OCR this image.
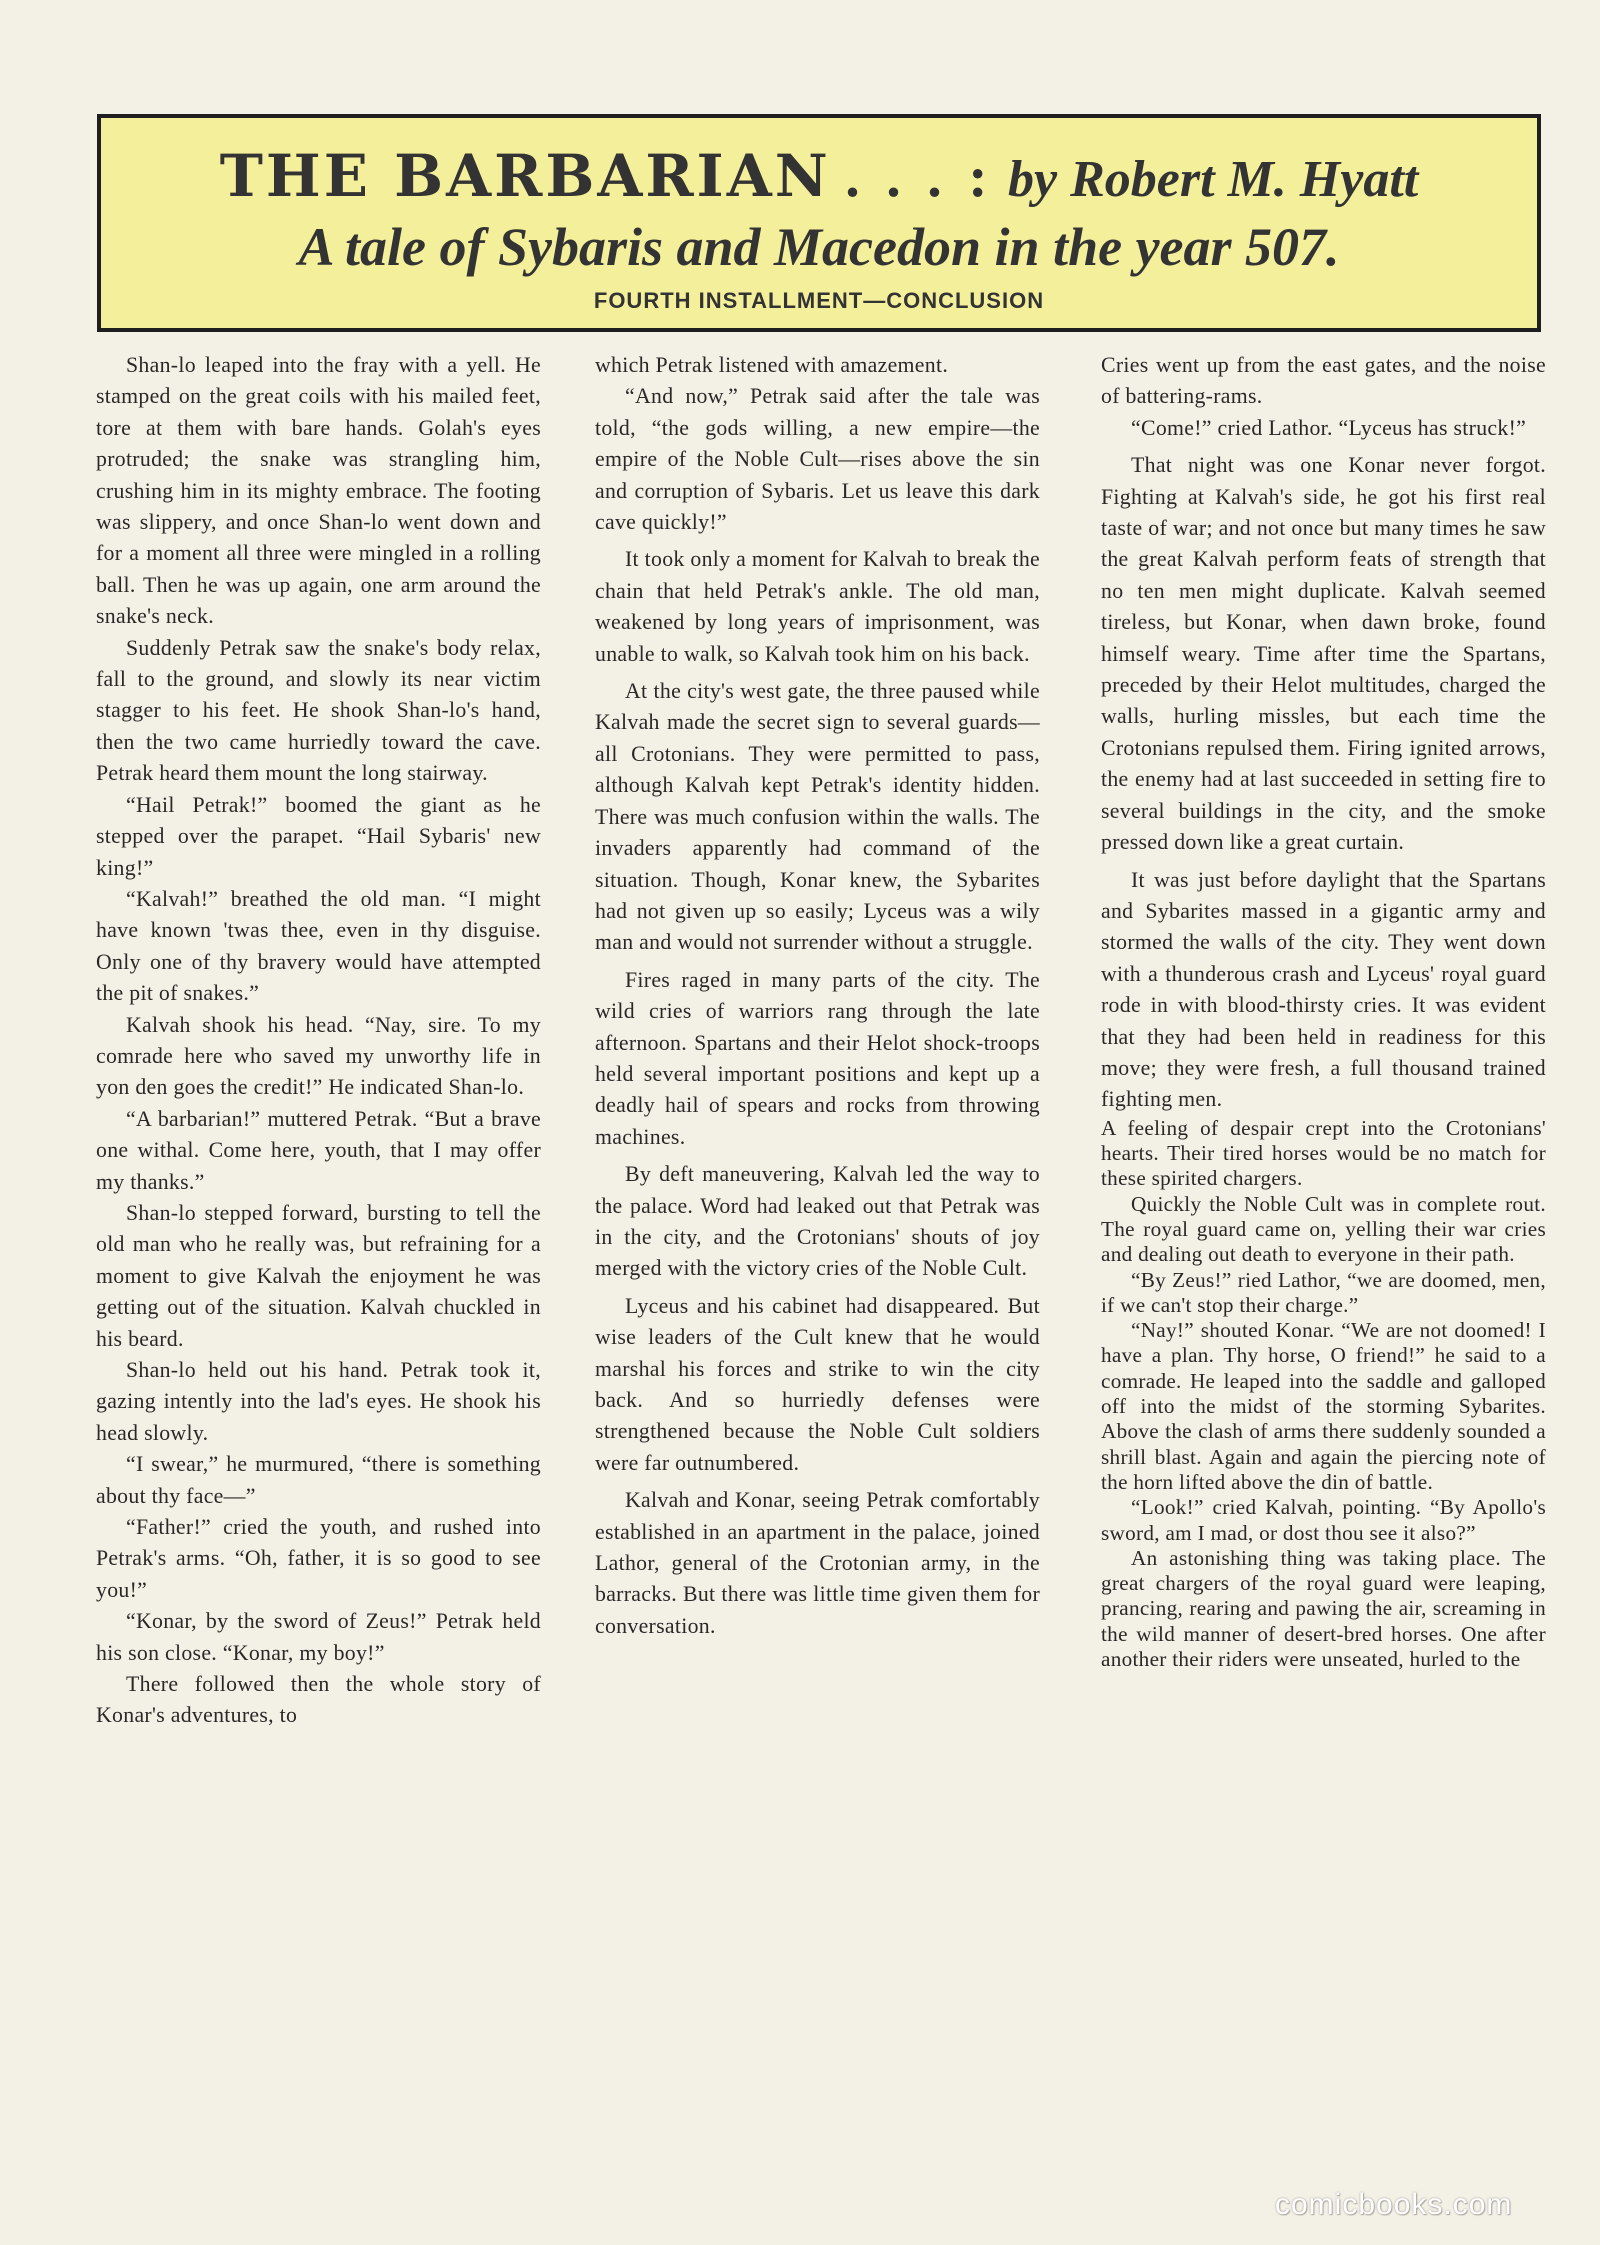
THE BARBARIAN . . . : by Robert M. Hyatt
A tale of Sybaris and Macedon in the year 507.
FOURTH INSTALLMENT—CONCLUSION

Shan-lo leaped into the fray with a yell. He stamped on the great coils with his mailed feet, tore at them with bare hands. Golah's eyes protruded; the snake was strangling him, crushing him in its mighty embrace. The footing was slippery, and once Shan-lo went down and for a moment all three were mingled in a rolling ball. Then he was up again, one arm around the snake's neck.

Suddenly Petrak saw the snake's body relax, fall to the ground, and slowly its near victim stagger to his feet. He shook Shan-lo's hand, then the two came hurriedly toward the cave. Petrak heard them mount the long stairway.

“Hail Petrak!” boomed the giant as he stepped over the parapet. “Hail Sybaris' new king!”

“Kalvah!” breathed the old man. “I might have known 'twas thee, even in thy disguise. Only one of thy bravery would have attempted the pit of snakes.”

Kalvah shook his head. “Nay, sire. To my comrade here who saved my unworthy life in yon den goes the credit!” He indicated Shan-lo.

“A barbarian!” muttered Petrak. “But a brave one withal. Come here, youth, that I may offer my thanks.”

Shan-lo stepped forward, bursting to tell the old man who he really was, but refraining for a moment to give Kalvah the enjoyment he was getting out of the situation. Kalvah chuckled in his beard.

Shan-lo held out his hand. Petrak took it, gazing intently into the lad's eyes. He shook his head slowly.

“I swear,” he murmured, “there is something about thy face—”

“Father!” cried the youth, and rushed into Petrak's arms. “Oh, father, it is so good to see you!”

“Konar, by the sword of Zeus!” Petrak held his son close. “Konar, my boy!”

There followed then the whole story of Konar's adventures, to

which Petrak listened with amazement.

“And now,” Petrak said after the tale was told, “the gods willing, a new empire—the empire of the Noble Cult—rises above the sin and corruption of Sybaris. Let us leave this dark cave quickly!”

It took only a moment for Kalvah to break the chain that held Petrak's ankle. The old man, weakened by long years of imprisonment, was unable to walk, so Kalvah took him on his back.

At the city's west gate, the three paused while Kalvah made the secret sign to several guards—all Crotonians. They were permitted to pass, although Kalvah kept Petrak's identity hidden. There was much confusion within the walls. The invaders apparently had command of the situation. Though, Konar knew, the Sybarites had not given up so easily; Lyceus was a wily man and would not surrender without a struggle.

Fires raged in many parts of the city. The wild cries of warriors rang through the late afternoon. Spartans and their Helot shock-troops held several important positions and kept up a deadly hail of spears and rocks from throwing machines.

By deft maneuvering, Kalvah led the way to the palace. Word had leaked out that Petrak was in the city, and the Crotonians' shouts of joy merged with the victory cries of the Noble Cult.

Lyceus and his cabinet had disappeared. But wise leaders of the Cult knew that he would marshal his forces and strike to win the city back. And so hurriedly defenses were strengthened because the Noble Cult soldiers were far outnumbered.

Kalvah and Konar, seeing Petrak comfortably established in an apartment in the palace, joined Lathor, general of the Crotonian army, in the barracks. But there was little time given them for conversation.

Cries went up from the east gates, and the noise of battering-rams.

“Come!” cried Lathor. “Lyceus has struck!”

That night was one Konar never forgot. Fighting at Kalvah's side, he got his first real taste of war; and not once but many times he saw the great Kalvah perform feats of strength that no ten men might duplicate. Kalvah seemed tireless, but Konar, when dawn broke, found himself weary. Time after time the Spartans, preceded by their Helot multitudes, charged the walls, hurling missles, but each time the Crotonians repulsed them. Firing ignited arrows, the enemy had at last succeeded in setting fire to several buildings in the city, and the smoke pressed down like a great curtain.

It was just before daylight that the Spartans and Sybarites massed in a gigantic army and stormed the walls of the city. They went down with a thunderous crash and Lyceus' royal guard rode in with blood-thirsty cries. It was evident that they had been held in readiness for this move; they were fresh, a full thousand trained fighting men.

A feeling of despair crept into the Crotonians' hearts. Their tired horses would be no match for these spirited chargers.

Quickly the Noble Cult was in complete rout. The royal guard came on, yelling their war cries and dealing out death to everyone in their path.

“By Zeus!” ried Lathor, “we are doomed, men, if we can't stop their charge.”

“Nay!” shouted Konar. “We are not doomed! I have a plan. Thy horse, O friend!” he said to a comrade. He leaped into the saddle and galloped off into the midst of the storming Sybarites. Above the clash of arms there suddenly sounded a shrill blast. Again and again the piercing note of the horn lifted above the din of battle.

“Look!” cried Kalvah, pointing. “By Apollo's sword, am I mad, or dost thou see it also?”

An astonishing thing was taking place. The great chargers of the royal guard were leaping, prancing, rearing and pawing the air, screaming in the wild manner of desert-bred horses. One after another their riders were unseated, hurled to the

comicbooks.com
